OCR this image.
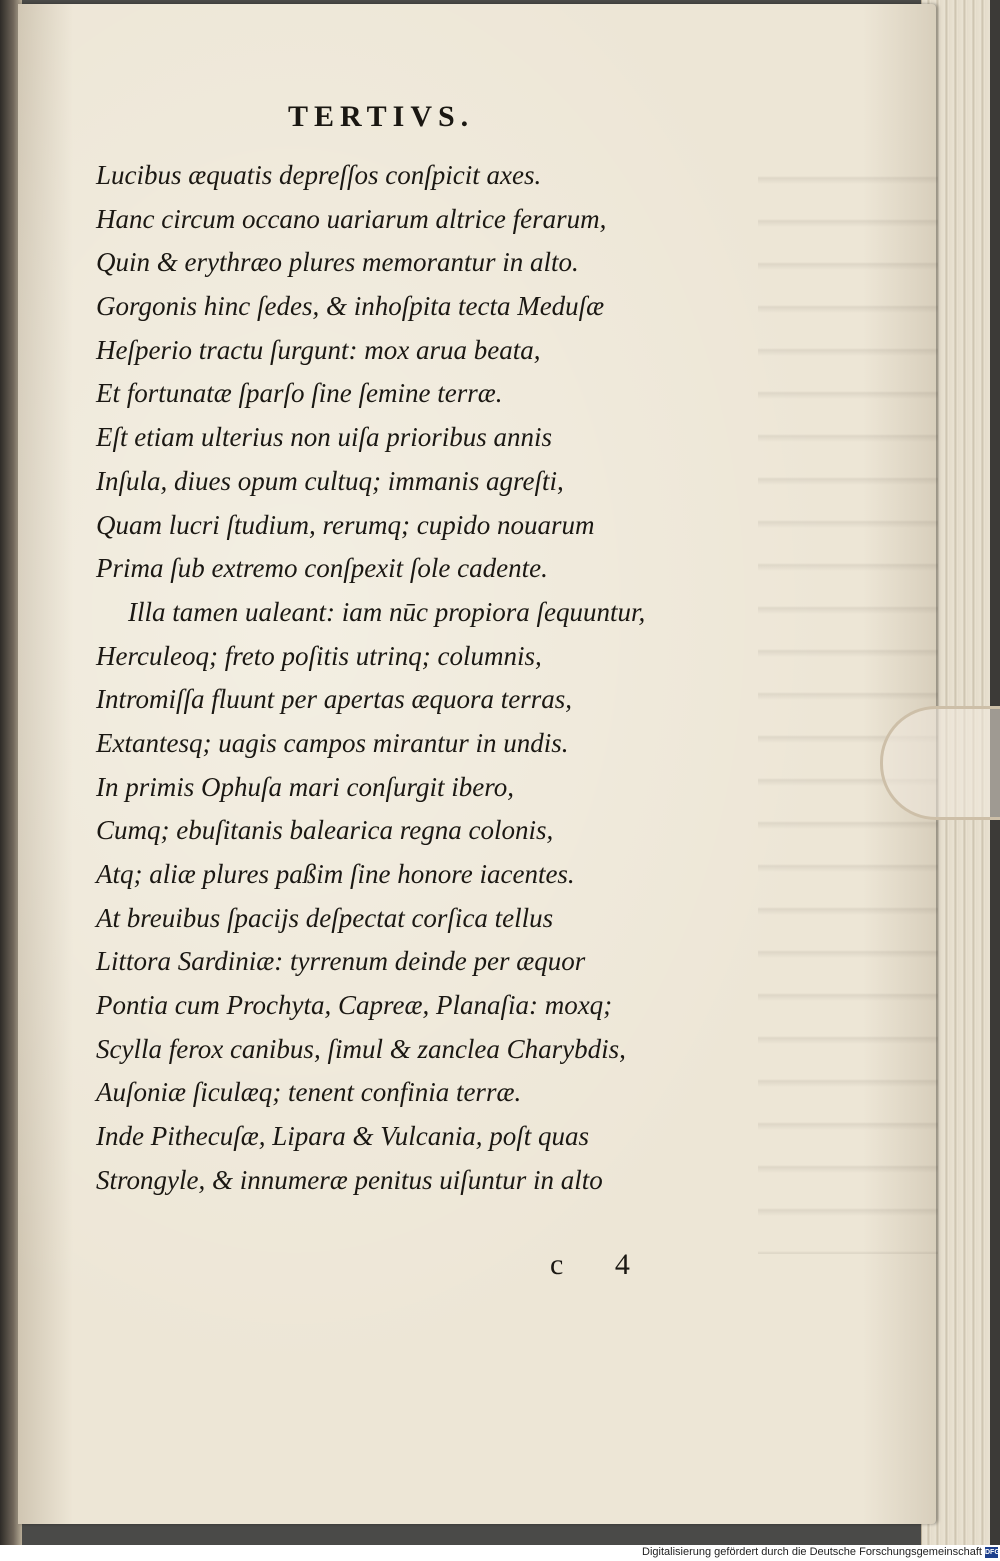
TERTIVS.
Lucibus æquatis depreſſos conſpicit axes.
Hanc circum occano uariarum altrice ferarum,
Quin & erythræo plures memorantur in alto.
Gorgonis hinc ſedes, & inhoſpita tecta Meduſæ
Heſperio tractu ſurgunt: mox arua beata,
Et fortunatæ ſparſo ſine ſemine terræ.
Eſt etiam ulterius non uiſa prioribus annis
Inſula, diues opum cultuq; immanis agreſti,
Quam lucri ſtudium, rerumq; cupido nouarum
Prima ſub extremo conſpexit ſole cadente.
Illa tamen ualeant: iam nūc propiora ſequuntur,
Herculeoq; freto poſitis utrinq; columnis,
Intromiſſa fluunt per apertas æquora terras,
Extantesq; uagis campos mirantur in undis.
In primis Ophuſa mari conſurgit ibero,
Cumq; ebuſitanis balearica regna colonis,
Atq; aliæ plures paßim ſine honore iacentes.
At breuibus ſpacijs deſpectat corſica tellus
Littora Sardiniæ: tyrrenum deinde per æquor
Pontia cum Prochyta, Capreæ, Planaſia: moxq;
Scylla ferox canibus, ſimul & zanclea Charybdis,
Auſoniæ ſiculæq; tenent confinia terræ.
Inde Pithecuſæ, Lipara & Vulcania, poſt quas
Strongyle, & innumeræ penitus uiſuntur in alto

c 4

Digitalisierung gefördert durch die Deutsche Forschungsgemeinschaft DFG
